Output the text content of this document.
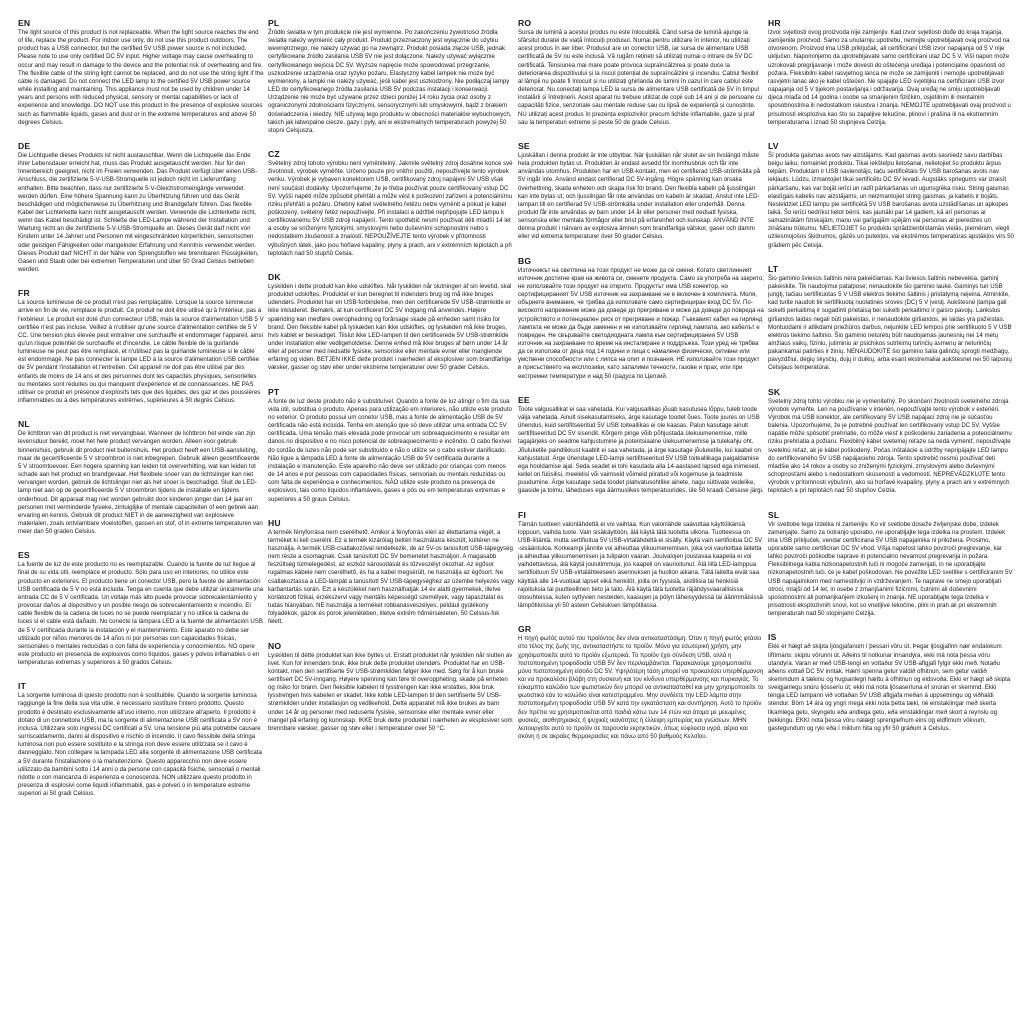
EN

The light source of this product is not replaceable. When the light source reaches the end of life, replace the product. For indoor use only, do not use this product outdoors. The product has a USB connector, but the certified 5V USB power source is not included. Please note to use only certified DC 5V input. Higher voltage may cause overheating to occur and may result in damage to the device and the potential risk of overheating and fire. The flexible cable of the string light cannot be replaced, and do not use the string light if the cable is damaged. Do not connect the LED lamp to the certified 5V USB power source while installing and maintaining. This appliance must not be used by children under 14 years and persons with reduced physical, sensory or mental capabilities or lack of experience and knowledge. DO NOT use this product in the presence of explosive sources such as flammable liquids, gases and dust or in the extreme temperatures and above 50 degrees Celsius.

DE

Die Lichtquelle dieses Produkts ist nicht austauschbar. Wenn die Lichtquelle das Ende ihrer Lebensdauer erreicht hat, muss das Produkt ausgetauscht werden. Nur für den Innenbereich geeignet, nicht im Freien verwenden. Das Produkt verfügt über einen USB-Anschluss, die zertifizierte 5-V-USB-Stromquelle ist jedoch nicht im Lieferumfang enthalten. Bitte beachten, dass nur zertifizierte 5-V-Gleichstromeingänge verwendet werden dürfen. Eine höhere Spannung kann zu Überhitzung führen und das Gerät beschädigen und möglicherweise zu Überhitzung und Brandgefahr führen. Das flexible Kabel der Lichterkette kann nicht ausgetauscht werden. Verwende die Lichterkette nicht, wenn das Kabel beschädigt ist. Schließe die LED-Lampe während der Installation und Wartung nicht an die zertifizierte 5-V-USB-Stromquelle an. Dieses Gerät darf nicht von Kindern unter 14 Jahren und Personen mit eingeschränkten körperlichen, sensorischen oder geistigen Fähigkeiten oder mangelnder Erfahrung und Kenntnis verwendet werden. Dieses Produkt darf NICHT in der Nähe von Sprengstoffen wie brennbaren Flüssigkeiten, Gasen und Staub oder bei extremen Temperaturen und über 50 Grad Celsius betrieben werden.

FR

La source lumineuse de ce produit n'est pas remplaçable. Lorsque la source lumineuse arrive en fin de vie, remplace le produit. Ce produit ne doit être utilisé qu'à l'intérieur, pas à l'extérieur. Le produit est doté d'un connecteur USB, mais la source d'alimentation USB 5 V certifiée n'est pas incluse. Veillez à n'utiliser qu'une source d'alimentation certifiée de 5 V CC. Une tension plus élevée peut entraîner une surchauffe et endommager l'appareil, ainsi qu'un risque potentiel de surchauffe et d'incendie. Le câble flexible de la guirlande lumineuse ne peut pas être remplacé, et n'utilisez pas la guirlande lumineuse si le câble est endommagé. Ne pas connecter la lampe LED à la source d'alimentation USB certifiée de 5V pendant l'installation et l'entretien. Cet appareil ne doit pas être utilisé par des enfants de moins de 14 ans et des personnes dont les capacités physiques, sensorielles ou mentales sont réduites ou qui manquent d'expérience et de connaissances. NE PAS utiliser ce produit en présence d'explosifs tels que des liquides, des gaz et des poussières inflammables ou à des températures extrêmes, supérieures à 50 degrés Celsius.

NL

De lichtbron van dit product is niet vervangbaar. Wanneer de lichtbron het einde van zijn levensduur bereikt, moet het hele product vervangen worden. Alleen voor gebruik binnenshuis, gebruik dit product niet buitenshuis. Het product heeft een USB-aansluiting, maar de gecertificeerde 5 V stroombron is niet inbegrepen. Gebruik alleen gecertificeerde 5 V stroomtoevoer. Een hogere spanning kan leiden tot oververhitting, wat kan leiden tot schade aan het product en brandgevaar. Het flexibele snoer van de lichtslinger kan niet vervangen worden, gebruik de lichtslinger niet als het snoer is beschadigd. Sluit de LED-lamp niet aan op de gecertificeerde 5 V stroombron tijdens de installatie en tijdens onderhoud. Dit apparaat mag niet worden gebruikt door kinderen jonger dan 14 jaar en personen met verminderde fysieke, zintuiglijke of mentale capaciteiten of een gebrek aan ervaring en kennis. Gebruik dit product NIET in de aanwezigheid van explosieve materialen, zoals ontvlambare vloeistoffen, gassen en stof, of in extreme temperaturen van meer dan 50 graden Celsius.

ES

La fuente de luz de este producto no es reemplazable. Cuando la fuente de luz llegue al final de su vida útil, reemplace el producto. Sólo para uso en interiores, no utilice este producto en exteriores. El producto tiene un conector USB, pero la fuente de alimentación USB certificada de 5 V no está incluida. Tenga en cuenta que debe utilizar únicamente una entrada CC de 5 V certificada. Un voltaje más alto puede provocar sobrecalentamiento y provocar daños al dispositivo y un posible riesgo de sobrecalentamiento e incendio. El cable flexible de la cadena de luces no se puede reemplazar y no utilice la cadena de luces si el cable está dañado. No conecte la lámpara LED a la fuente de alimentación USB de 5 V certificada durante la instalación y el mantenimiento. Este aparato no debe ser utilizado por niños menores de 14 años ni por personas con capacidades físicas, sensoriales o mentales reducidas o con falta de experiencia y conocimientos. NO opere este producto en presencia de explosivos como líquidos, gases y polvos inflamables o en temperaturas extremas y superiores a 50 grados Celsius.

IT

La sorgente luminosa di questo prodotto non è sostituibile. Quando la sorgente luminosa raggiunge la fine della sua vita utile, è necessario sostituire l'intero prodotto. Questo prodotto è destinato esclusivamente all'uso interno, non utilizzare all'aperto. Il prodotto è dotato di un connettore USB, ma la sorgente di alimentazione USB certificata a 5V non è inclusa. Utilizzare solo ingressi DC certificati a 5V. Una tensione più alta potrebbe causare surriscaldamento, danni al dispositivo e rischio di incendio. Il cavo flessibile della stringa luminosa non può essere sostituito e la stringa non deve essere utilizzata se il cavo è danneggiato. Non collegare la lampada LED alla sorgente di alimentazione USB certificata a 5V durante l'installazione o la manutenzione. Questo apparecchio non deve essere utilizzato da bambini sotto i 14 anni o da persone con capacità fisiche, sensoriali o mentali ridotte o con mancanza di esperienza e conoscenza. NON utilizzare questo prodotto in presenza di esplosivi come liquidi infiammabili, gas e polveri o in temperature estreme superiori ai 50 gradi Celsius.

PL

Źródło światła w tym produkcie nie jest wymienne. Po zakończeniu żywotności źródła światła należy wymienić cały produkt. Produkt przeznaczony jest wyłącznie do użytku wewnętrznego, nie należy używać go na zewnątrz. Produkt posiada złącze USB, jednak certyfikowane źródło zasilania USB 5V nie jest dołączone. Należy używać wyłącznie certyfikowanego wejścia DC 5V. Wyższe napięcie może spowodować przegrzanie, uszkodzenie urządzenia oraz ryzyko pożaru. Elastyczny kabel lampek nie może być wymieniony, a lampki nie należy używać, jeśli kabel jest uszkodzony. Nie podłączaj lampy LED do certyfikowanego źródła zasilania USB 5V podczas instalacji i konserwacji. Urządzenie nie może być używane przez dzieci poniżej 14 roku życia oraz osoby z ograniczonymi zdolnościami fizycznymi, sensorycznymi lub umysłowymi, bądź z brakiem doświadczenia i wiedzy. NIE używaj tego produktu w obecności materiałów wybuchowych, takich jak łatwopalne ciecze, gazy i pyły, ani w ekstremalnych temperaturach powyżej 50 stopni Celsjusza.

CZ

Světelný zdroj tohoto výrobku není vyměnitelný. Jakmile světelný zdroj dosáhne konce své životnosti, výrobek vyměňte. Určeno pouze pro vnitřní použití, nepoužívejte tento výrobek venku. Výrobek je vybaven konektorem USB, certifikovaný zdroj napájení 5V USB však není součástí dodávky. Upozorňujeme, že je třeba používat pouze certifikovaný vstup DC 5V. Vyšší napětí může způsobit přehřátí a může vést k poškození zařízení a potenciálnímu riziku přehřátí a požáru. Ohebný kabel světelného řetězu nelze vyměnit a pokud je kabel poškozený, světelný řetěz nepoužívejte. Při instalaci a údržbě nepřipojujte LED lampu k certifikovanému 5V USB zdroji napájení. Tento spotřebič nesmí používat děti mladší 14 let a osoby se sníženými fyzickými, smyslovými nebo duševními schopnostmi nebo s nedostatkem zkušeností a znalostí. NEPOUŽÍVEJTE tento výrobek v přítomnosti výbušných látek, jako jsou hořlavé kapaliny, plyny a prach, ani v extrémních teplotách a při teplotách nad 50 stupňů Celsia.

DK

Lyskilden i dette produkt kan ikke udskiftes. Når lyskilden når slutningen af sin levetid, skal produktet udskiftes. Produktet er kun beregnet til indendørs brug og må ikke bruges udendørs. Produktet har en USB-forbindelse, men den certificerede 5V USB-strømkilde er ikke inkluderet. Bemærk, at kun certificeret DC 5V indgang må anvendes. Højere spænding kan medføre overophedning og forårsage skade på enheden samt risiko for brand. Den fleksible kabel på lyskæden kan ikke udskiftes, og lyskæden må ikke bruges, hvis kablet er beskadiget. Tilslut ikke LED-lampen til den certificerede 5V USB-strømkilde under installation eller vedligeholdelse. Denne enhed må ikke bruges af børn under 14 år eller af personer med nedsatte fysiske, sensoriske eller mentale evner eller manglende erfaring og viden. BETJEN IKKE dette produkt i nærheden af eksplosiver som brandfarlige væsker, gasser og støv eller under ekstreme temperaturer over 50 grader Celsius.

PT

A fonte de luz deste produto não é substituível. Quando a fonte de luz atingir o fim da sua vida útil, substitua o produto. Apenas para utilização em interiores, não utilize este produto no exterior. O produto possui um conetor USB, mas a fonte de alimentação USB de 5V certificada não está incluída. Tenha em atenção que só deve utilizar uma entrada CC 5V certificada. Uma tensão mais elevada pode provocar um sobreaquecimento e resultar em danos no dispositivo e no risco potencial de sobreaquecimento e incêndio. O cabo flexível do cordão de luzes não pode ser substituído e não o utilize se o cabo estiver danificado. Não ligue a lâmpada LED à fonte de alimentação USB de 5V certificada durante a instalação e manutenção. Este aparelho não deve ser utilizado por crianças com menos de 14 anos e por pessoas com capacidades físicas, sensoriais ou mentais reduzidas ou com falta de experiência e conhecimentos. NÃO utilize este produto na presença de explosivos, tais como líquidos inflamáveis, gases e pós ou em temperaturas extremas e superiores a 50 graus Celsius.

HU

A termék fényforrása nem cserélhető. Amikor a fényforrás eléri az élettartama végét, a terméket ki kell cserélni. Ez a termék kizárólag beltéri használatra készült, kültéren ne használja. A termék USB-csatlakozóval rendelkezik, de az 5V-os tanúsított USB-tápegység nem része a csomagnak. Csak tanúsított DC 5V bemenetet használjon. A magasabb feszültség túlmelegedést, az eszköz károsodását és tűzveszélyt okozhat. Az égősor rugalmas kábele nem cserélhető, és ha a kábel megsérült, ne használja az égősort. Ne csatlakoztassa a LED-lámpát a tanúsított 5V USB-tápegységhez az üzembe helyezés vagy karbantartás során. Ezt a készüléket nem használhatják 14 év alatti gyermekek, illetve korlátozott fizikai, érzékszervi vagy mentális képességű személyek, vagy tapasztalat és tudás hiányában. NE használja a terméket robbanásveszélyes, például gyúlékony folyadékok, gázok és porok jelenlétében, illetve extrém hőmérsékleten, 50 Celsius-fok felett.

NO

Lyskilden til dette produktet kan ikke byttes ut. Erstatt produktet når lyskilden når slutten av livet. Kun for innendørs bruk, ikke bruk dette produktet utendørs. Produktet har en USB-kontakt, men den sertifiserte 5V USB-strømkilden følger ikke med. Sørg for å kun bruke sertifisert DC 5V-inngang. Høyere spenning kan føre til overoppheting, skade på enheten og risiko for brann. Den fleksible kabelen til lysstrengen kan ikke erstattes, ikke bruk lysstrengen hvis kabelen er skadet. Ikke koble LED-lampen til den sertifiserte 5V USB-strømkilden under installasjon og vedlikehold. Dette apparatet må ikke brukes av barn under 14 år og personer med reduserte fysiske, sensoriske eller mentale evner eller mangel på erfaring og kunnskap. IKKE bruk dette produktet i nærheten av eksplosiver som brennbare væsker, gasser og støv eller i temperaturer over 50 °C.

RO

Sursa de lumină a acestui produs nu este înlocuibilă. Când sursa de lumină ajunge la sfârșitul duratei de viață înlocuiți produsul. Numai pentru utilizare în interior, nu utilizați acest produs în aer liber. Produsul are un conector USB, iar sursa de alimentare USB certificată de 5V nu este inclusă. Vă rugăm rețineți să utilizați numai o intrare de 5V DC certificată. Tensiunea mai mare poate provoca supraîncălzirea și poate duce la deteriorarea dispozitivului și la riscul potențial de supraîncălzire și incendiu. Cablul flexibil al lămpii nu poate fi înlocuit și nu utilizați ghirlanda de lumini în cazul în care cablul este deteriorat. Nu conectați lampa LED la sursa de alimentare USB certificată de 5V în timpul instalării și întreținerii. Acest aparat nu trebuie utilizat de copii sub 14 ani și de persoane cu capacități fizice, senzoriale sau mentale reduse sau cu lipsă de experiență și cunoștințe. NU utilizați acest produs în prezența explozivilor precum lichide inflamabile, gaze și praf sau la temperaturi extreme și peste 50 de grade Celsius.

SE

Ljuskällan i denna produkt är inte utbytbar. När ljuskällan når slutet av sin livslängd måste hela produkten bytas ut. Produkten är endast avsedd för inomhusbruk och får inte användas utomhus. Produkten har en USB-kontakt, men en certifierad USB-strömkälla på 5V ingår inte. Använd endast certifierad DC 5V-ingång. Högre spänning kan orsaka överhettning, skada enheten och skapa risk för brand. Den flexibla kabeln på ljusslingan kan inte bytas ut, och ljusslingan får inte användas om kabeln är skadad. Anslut inte LED-lampan till en certifierad 5V USB-strömkälla under installation eller underhåll. Denna produkt får inte användas av barn under 14 år eller personer med nedsatt fysiska, sensoriska eller mentala förmågor eller brist på erfarenhet och kunskap. ANVÄND INTE denna produkt i närvaro av explosiva ämnen som brandfarliga vätskor, gaser och damm eller vid extrema temperaturer över 50 grader Celsius.

BG

Източникът на светлина на този продукт не може да се сменя. Когато светлинният източник достигне края на живота си, сменете продукта. Само за употреба на закрито; не използвайте този продукт на открито. Продуктът има USB конектор, но сертифицираният 5V USB източник на захранване не е включен в комплекта. Моля, обърнете внимание, че трябва да използвате само сертифициран вход DC 5V. По-високото напрежение може да доведе до прегряване и може да доведе до повреда на устройството и потенциален риск от прегряване и пожар. Гъвкавият кабел на гирлянд лампата не може да бъде заменен и не използвайте гирлянд лампата, ако кабелът е повреден. Не свързвайте светодиодната лампа към сертифицирания 5V USB източник на захранване по време на инсталиране и поддръжка. Този уред не трябва да се използва от деца под 14 години и лица с намалени физически, сетивни или умствени способности или с липса на опит и познания. НЕ използвайте този продукт в присъствието на експлозиви, като запалими течности, газове и прах, или при екстремни температури и над 50 градуса по Целзий.

EE

Toote valgusallikat ei saa vahetada. Kui valgusallikas jõuab kasutusea lõppu, tuleb toode välja vahetada. Ainult sisekasutamiseks, ärge kasutage toodet õues. Toote juures on USB ühendus, kuid sertifitseeritud 5V USB toiteallikas ei ole kaasas. Palun kasutage ainult sertifitseeritud DC 5V sisendit. Kõrgem pinge võib põhjustada ülekuumenemise, mille tagajärjeks on seadme kahjustumine ja potentsiaalne ülekuumenemise ja tulekahju oht. Jõuluketile paindlikkust kaablit ei saa vahetada, ja ärge kasutage jõuluketile, kui kaabel on kahjustatud. Ärge ühendage LED-lampi sertifitseeritud 5V USB toiteallikaga paigaldamise ega hooldamise ajal. Seda seadet ei tohi kasutada alla 14-aastased lapsed ega inimesed, kellel on füüsilisi, meelelisi või vaimseid võimeid piiratud või kogemuse ja teadmiste puudumine. Ärge kasutage seda toodet plahvatusohtlike ainete, nagu süttivate vedelike, gaaside ja tolmu, läheduses ega äärmuslikes temperatuurides, üle 50 kraadi Celsiuse järgi.

FI

Tämän tuotteen valonlähdettä ei voi vaihtaa. Kun valonlähde saavuttaa käyttöikänsä loppuun, vaihda tuote. Vain sisäkäyttöön, älä käytä tätä tuotetta ulkona. Tuotteessa on USB-liitäntä, mutta sertifioitua 5V USB-virtalähdettä ei sisälly. Käytä vain sertifioitua DC 5V -sisääntuloa. Korkeampi jännite voi aiheuttaa ylikuumenemisen, joka voi vaurioittaa laitetta ja aiheuttaa ylikuumenemisen ja tulipalon vaaran. Joulvalojen joustavaa kaapelia ei voi vaihdettavissa, älä käytä joulutimmuja, jos kaapeli on vaurioitunut. Älä liitä LED-lamppua sertifioituun 5V USB-virtalähteeseen asennuksen ja huollon aikana. Tätä laitetta eivät saa käyttää alle 14-vuotiaat lapset eikä henkilöt, joilla on fyysisiä, aistillisia tai henkisiä rajoituksia tai puutteellinen tieto ja taito. Älä käytä tätä tuotetta räjähdysvaarallisissa olosuhteissa, kuten syttyvien nesteiden, kaasujen ja pölyn läheisyydessä tai äärimmäisissä lämpötiloissa yli 50 asteen Celsiuksen lämpötilassa.

GR

Η πηγή φωτός αυτού του προϊόντος δεν είναι αντικαταστάσιμη. Όταν η πηγή φωτός φτάσει στο τέλος της ζωής της, αντικαταστήστε το προϊόν. Μόνο για εσωτερική χρήση, μην χρησιμοποιείτε αυτό το προϊόν εξωτερικά. Το προϊόν έχει σύνδεση USB, αλλά η πιστοποιημένη τροφοδοσία USB 5V δεν περιλαμβάνεται. Παρακαλούμε χρησιμοποιείτε μόνο πιστοποιημένη είσοδο DC 5V. Υψηλότερη τάση μπορεί να προκαλέσει υπερθέρμανση και να προκαλέσει βλάβη στη συσκευή και τον κίνδυνο υπερθέρμανσης και πυρκαγιάς. Το εύκαμπτο καλώδιο των φωτιστικών δεν μπορεί να αντικατασταθεί και μην χρησιμοποιείτε το φωτιστικό εάν το καλώδιο είναι κατεστραμμένο. Μην συνδέετε την LED λάμπα στην πιστοποιημένη τροφοδοσία USB 5V κατά την εγκατάσταση και συντήρηση. Αυτό το προϊόν δεν πρέπει να χρησιμοποιείται από παιδιά κάτω των 14 ετών και άτομα με μειωμένες φυσικές, αισθητηριακές ή ψυχικές ικανότητες ή έλλειψη εμπειρίας και γνώσεων. ΜΗΝ λειτουργείτε αυτό το προϊόν σε παρουσία εκρηκτικών, όπως εύφλεκτα υγρά, αέρια και σκόνη ή σε ακραίες θερμοκρασίες και πάνω από 50 βαθμούς Κελσίου.

HR

Izvor svjetlosti ovog proizvoda nije zamjenjiv. Kad izvor svjetlosti dođe do kraja trajanja, zamijenite proizvod. Samo za unutarnju upotrebu, nemojte upotrebljavati ovaj proizvod na otvorenom. Proizvod ima USB priključak, ali certificirani USB izvor napajanja od 5 V nije uključen. Napominjemo da upotrebljavate samo certificirani ulaz DC 5 V. Viši napon može uzrokovati pregrijavanje i može dovesti do oštećenja uređaja i potencijalne opasnosti od požara. Fleksibilni kabel rasvjetnog lanca ne može se zamijeniti i nemojte upotrebljavati rasvjetni lanac ako je kabel oštećen. Ne spajajte LED svjetiljku na certificirani USB izvor napajanja od 5 V tijekom postavljanja i održavanja. Ovaj uređaj ne smiju upotrebljavati djeca mlađa od 14 godina i osobe sa smanjenim fizičkim, osjetilnim ili mentalnim sposobnostima ili nedostatkom iskustva i znanja. NEMOJTE upotrebljavati ovaj proizvod u prisutnosti eksploziva kao što su zapaljive tekućine, plinovi i prašina ili na ekstremnim temperaturama i iznad 50 stupnjeva Celzija.

LV

Šī produkta gaismas avots nav aizstājams. Kad gaismas avots sasniedz savu darbības beigu laiku, nomainiet produktu. Tikai iekštelpu lietošanai, nelietojiet šo produktu ārpus telpām. Produktam ir USB savienotājs, taču sertificētais 5V USB barošanas avots nav iekļauts. Lūdzu, izmantojiet tikai sertificētu DC 5V ievadi. Augstāks spriegums var izraisīt pārkaršanu, kas var bojāt ierīci un radīt pārkaršanas un ugunsgrēka risku. String gaismas elastīgais kabelis nav aizstājams, un neizmantojiet string gaismas, ja kabelis ir bojāts. Nesleidziet LED lampu pie sertificētā 5V USB barošanas avota uzstādīšanas un apkopes laikā. Šo ierīci nedrīkst lietot bērni, kas jaunāki par 14 gadiem, kā arī personas ar samazinātām fiziskajām, maņu vai garīgajām spējām vai personas ar pieredzes un zināšanu trūkumu. NELIETOJIET šo produktu sprādzienbīstamās vielās, piemēram, viegli uzliesmojošos šķidrumos, gāzēs un putekļos, vai ekstrēmos temperatūras apstākļos virs 50 grādiem pēc Celsija.

LT

Šio gaminio šviesos šaltinis nėra pakeičiamas. Kai šviesos šaltinis nebeveikia, gaminį pakeiskite. Tik naudojimui patalpose; nenaudokite šio gaminio lauke. Gaminys turi USB jungtį, tačiau sertifikuotas 5 V USB elektros tiekimo šaltinis į pristatymą neįeina. Atminkite, kad turite naudoti tik sertifikuotą nuolatinės srovės (DC) 5 V įvestį. Aukštesnė įtampa gali sukelti perkaitimą ir sugadinti prietaisą bei sukelti perkaitimo ir gaisro pavojų. Lankstus girliandos laidas negali būti pakeistas, ir nenaudokite girliandos, jei laidas yra pažeistas. Montuodami ir atlikdami priežiūros darbus, nejunkite LED lempos prie sertifikuoto 5 V USB elektros tiekimo šaltinio. Šio gaminio neturėtų būti naudojamas jaunesnių nei 14 metų amžiaus vaikų, fiziniu, jutiminiu ar psichikos sutrikimų turinčių asmenų ar neturinčių pakankamai patirties ir žinių. NENAUDOKITE šio gaminio šalia galinčių sprogti medžiagų, pavyzdžiui, degių skysčių, dujų ir dulkių, arba esant ekstremaliai aukštesnei nei 50 laipsnių Celsijaus temperatūrai.

SK

Svetelný zdroj tohto výrobku nie je vymeniteľný. Po skončení životnosti svetelného zdroja výrobok vymeňte. Len na používanie v interiéri, nepoužívajte tento výrobok v exteriéri. Výrobok má USB konektor, ale certifikovaný 5V USB napájací zdroj nie je súčasťou balenia. Upozorňujeme, že je potrebné používať len certifikovaný vstup DC 5V. Vyššie napätie môže spôsobiť prehriatie, čo môže viesť k poškodeniu zariadenia a potenciálnemu riziku prehriatia a požiaru. Flexibilný kábel svetelnej reťaze sa nedá vymeniť, nepoužívajte svetelnú reťaz, ak je kábel poškodený. Počas inštalácie a údržby nepripájajte LED lampu do certifikovaného 5V USB napájacieho zdroja. Tento spotrebič nesmú používať deti mladšie ako 14 rokov a osoby so zníženými fyzickými, zmyslovými alebo duševnými schopnosťami alebo s nedostatkom skúseností a vedomostí. NEPREVÁDZKUJTE tento výrobok v prítomnosti výbušnín, ako sú horľavé kvapaliny, plyny a prach ani v extrémnych teplotách a pri teplotách nad 50 stupňov Celzia.

SL

Vir svetlobe tega izdelka ni zamenljiv. Ko vir svetlobe doseže življenjske dobe, izdelek zamenjajte. Samo za notranjo uporabo, ne uporabljajte tega izdelka na prostem. Izdelek ima USB priključek, vendar certificirana 5V USB napajalnika ni priložena. Prosimo, uporabite samo certificiran DC 5V vhod. Višja napetost lahko povzroči pregrevanje, kar lahko povzroči poškodbe naprave in potencialno nevarnost pregrevanja in požara. Fleksibilnega kabla nizkonapetostnih luči ni mogoče zamenjati, in ne uporabljajte nizkonapetostnih luči, če je kabel poškodovan. Ne povežite LED svetilke s certificiranim 5V USB napajalnikom med namestitvijo in vzdrževanjem. Te naprave ne smejo uporabljati otroci, mlajši od 14 let, in osebe z zmanjšanimi fizičnimi, čutnimi ali duševnimi sposobnostmi ali pomanjkanjem izkušenj in znanja. NE uporabljajte tega izdelka v prisotnosti eksplozivnih snovi, kot so vnetljive tekočine, plini in prah ali pri ekstremnih temperaturah nad 50 stopinjami Celzija.

IS

Ekki er hægt að skipta ljósgjafanum í þessari vöru út. Þegar ljósgjafinn nær endalokum líftímans: skiptu vörunni út. Aðeins til notkunar innandyra, ekki má nota þessa vöru utandyra. Varan er með USB-tengi en vottaður 5V USB-aflgjafi fylgir ekki með. Notaðu aðeins vottað DC 5V inntak. Hærri spenna getur valdið ofhitnun, sem getur valdið skemmdum á tækinu og hugsanlegri hættu á ofhitnun og eldsvoða. Ekki er hægt að skipta sveigjanlegu snúru ljósseríu út; ekki má nota ljósaseríuna ef snúran er skemmd. Ekki tengja LED lampann við vottaðan 5V USB aflgjafa meðan á uppsetningu og viðhaldi stendur. Börn 14 ára og yngri mega ekki nota þetta tæki, né einstaklingar með skerta líkamlega getu, skyngetu eða andlega getu, eða einstaklingar með skort á reynslu og þekkingu. EKKI nota þessa vöru nálægt sprengiefnum eins og eldfimum vökvum, gastegundum og ryki eða í miklum hita og yfir 50 gráðum á Celsíus.
